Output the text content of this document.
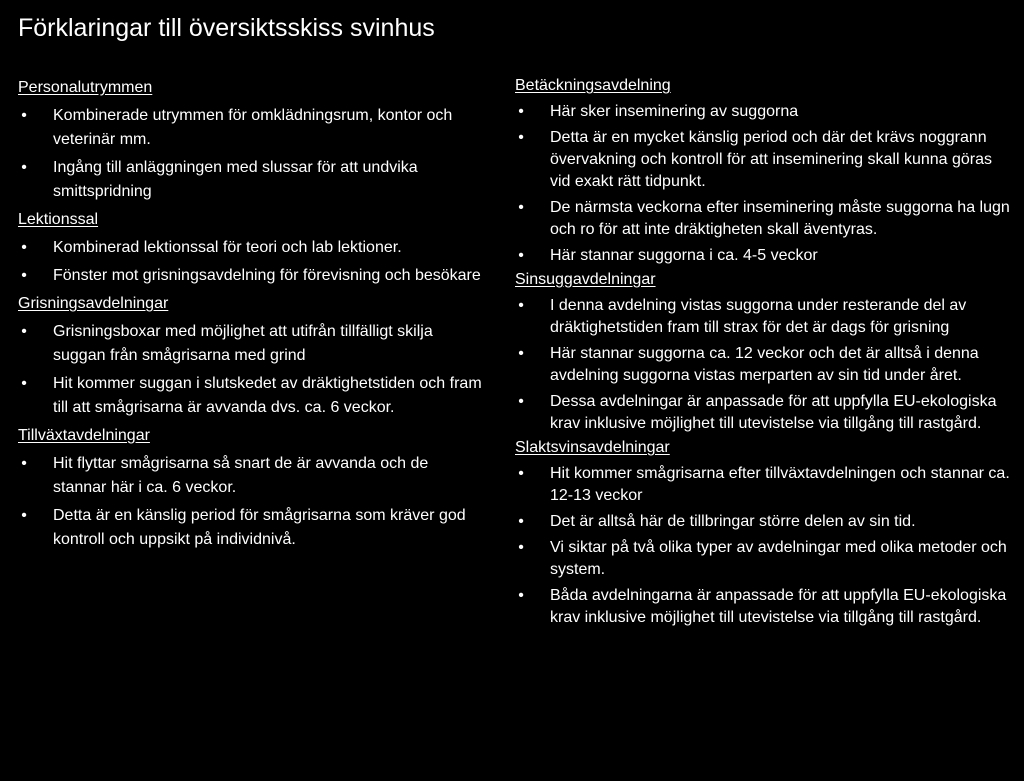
Förklaringar till översiktsskiss svinhus
Personalutrymmen
• Kombinerade utrymmen för omklädningsrum, kontor och veterinär mm.
• Ingång till anläggningen med slussar för att undvika smittspridning
Lektionssal
• Kombinerad lektionssal för teori och lab lektioner.
• Fönster mot grisningsavdelning för förevisning och besökare
Grisningsavdelningar
• Grisningsboxar med möjlighet att utifrån tillfälligt skilja suggan från smågrisarna med grind
• Hit kommer suggan i slutskedet av dräktighetstiden och fram till att smågrisarna är avvanda dvs. ca. 6 veckor.
Tillväxtavdelningar
• Hit flyttar smågrisarna så snart de är avvanda och de stannar här i ca. 6 veckor.
• Detta är en känslig period för smågrisarna som kräver god kontroll och uppsikt på individnivå.
Betäckningsavdelning
• Här sker inseminering av suggorna
• Detta är en mycket känslig period och där det krävs noggrann övervakning och kontroll för att inseminering skall kunna göras vid exakt rätt tidpunkt.
• De närmsta veckorna efter inseminering måste suggorna ha lugn och ro för att inte dräktigheten skall äventyras.
• Här stannar suggorna i ca. 4-5 veckor
Sinsuggavdelningar
• I denna avdelning vistas suggorna under resterande del av dräktighetstiden fram till strax för det är dags för grisning
• Här stannar suggorna ca. 12 veckor och det är alltså i denna avdelning suggorna vistas merparten av sin tid under året.
• Dessa avdelningar är anpassade för att uppfylla EU-ekologiska krav inklusive möjlighet till utevistelse via tillgång till rastgård.
Slaktsvinsavdelningar
• Hit kommer smågrisarna efter tillväxtavdelningen och stannar ca. 12-13 veckor
• Det är alltså här de tillbringar större delen av sin tid.
• Vi siktar på två olika typer av avdelningar med olika metoder och system.
• Båda avdelningarna är anpassade för att uppfylla EU-ekologiska krav inklusive möjlighet till utevistelse via tillgång till rastgård.
